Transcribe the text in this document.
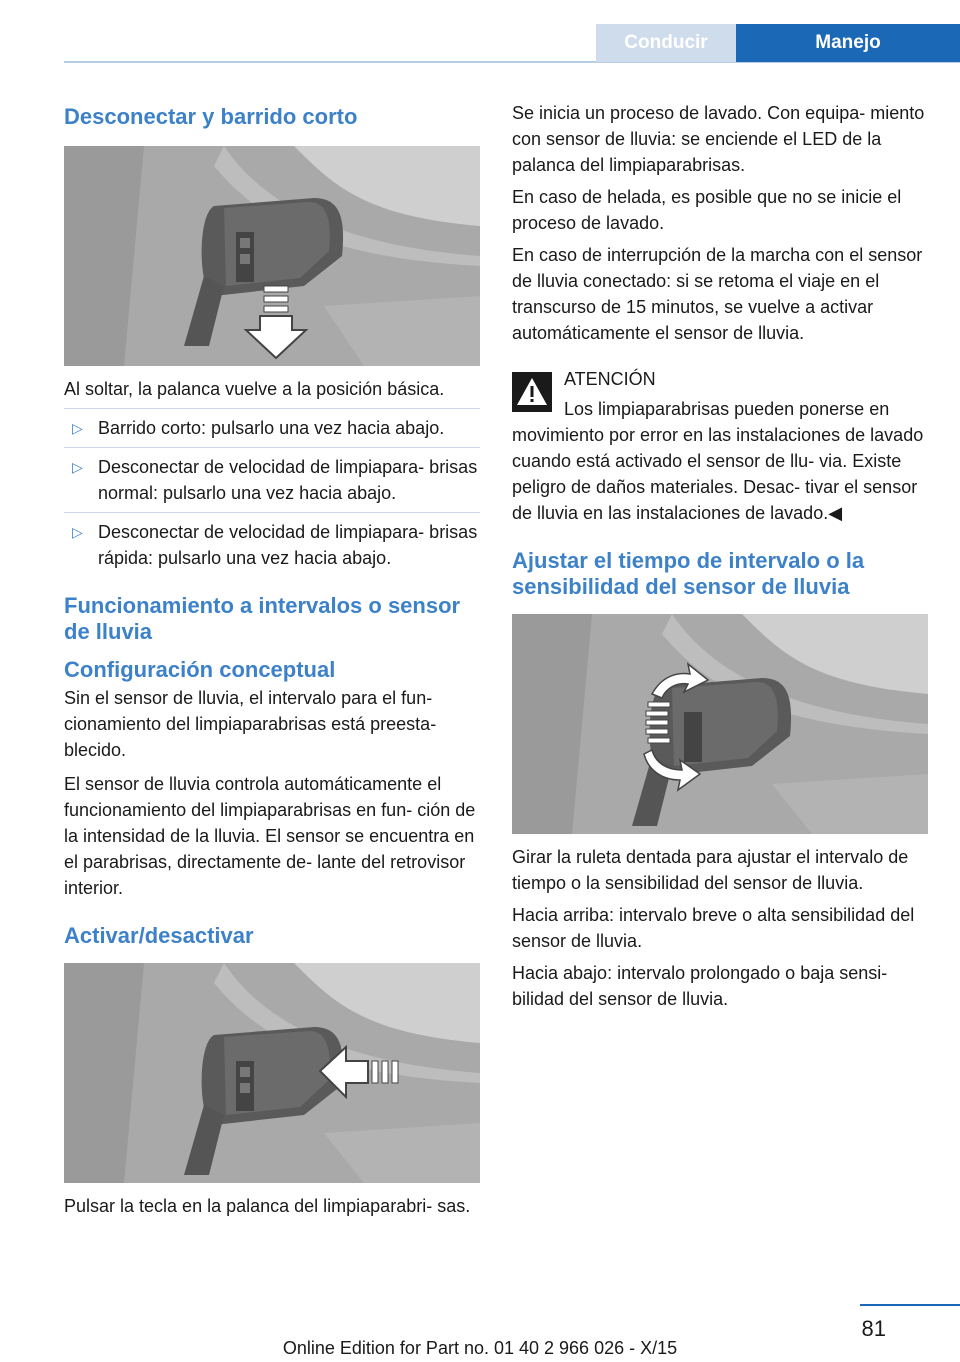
Conducir	Manejo
Desconectar y barrido corto

Al soltar, la palanca vuelve a la posición básica.

▷ Barrido corto: pulsarlo una vez hacia abajo.
▷ Desconectar de velocidad de limpiapara‐ brisas normal: pulsarlo una vez hacia abajo.
▷ Desconectar de velocidad de limpiapara‐ brisas rápida: pulsarlo una vez hacia abajo.
Funcionamiento a intervalos o sensor de lluvia
Configuración conceptual

Sin el sensor de lluvia, el intervalo para el fun‐ cionamiento del limpiaparabrisas está preesta‐ blecido.

El sensor de lluvia controla automáticamente el funcionamiento del limpiaparabrisas en fun‐ ción de la intensidad de la lluvia. El sensor se encuentra en el parabrisas, directamente de‐ lante del retrovisor interior.

Activar/desactivar

Pulsar la tecla en la palanca del limpiaparabri‐ sas.

Se inicia un proceso de lavado. Con equipa‐ miento con sensor de lluvia: se enciende el LED de la palanca del limpiaparabrisas.

En caso de helada, es posible que no se inicie el proceso de lavado.

En caso de interrupción de la marcha con el sensor de lluvia conectado: si se retoma el viaje en el transcurso de 15 minutos, se vuelve a activar automáticamente el sensor de lluvia.

ATENCIÓN
Los limpiaparabrisas pueden ponerse en

movimiento por error en las instalaciones de lavado cuando está activado el sensor de llu‐ via. Existe peligro de daños materiales. Desac‐ tivar el sensor de lluvia en las instalaciones de lavado.◀

Ajustar el tiempo de intervalo o la sensibilidad del sensor de lluvia

Girar la ruleta dentada para ajustar el intervalo de tiempo o la sensibilidad del sensor de lluvia.

Hacia arriba: intervalo breve o alta sensibilidad del sensor de lluvia.

Hacia abajo: intervalo prolongado o baja sensi‐ bilidad del sensor de lluvia.

81
Online Edition for Part no. 01 40 2 966 026 - X/15
